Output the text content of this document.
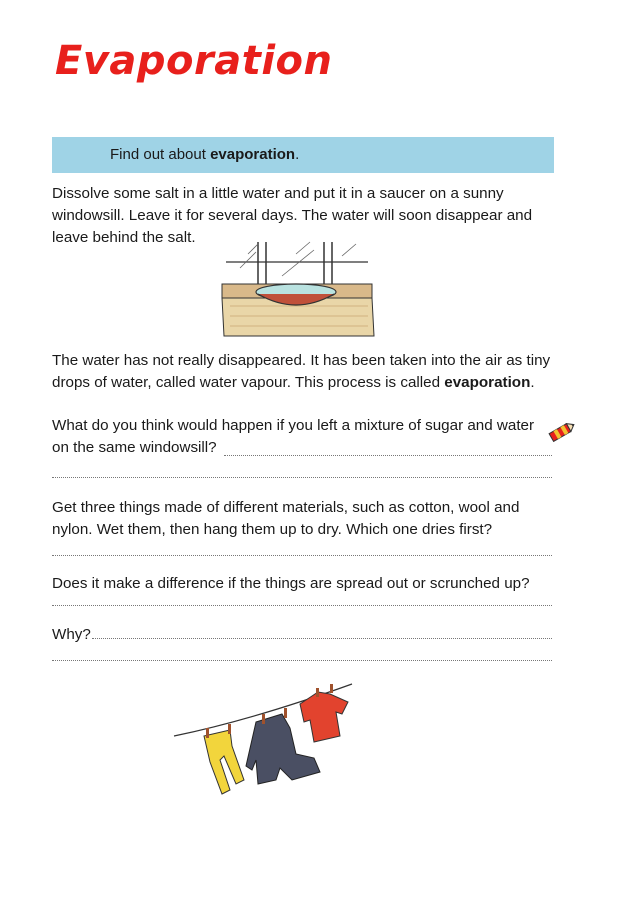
Evaporation
Find out about evaporation.
Dissolve some salt in a little water and put it in a saucer on a sunny
windowsill. Leave it for several days. The water will soon disappear and
leave behind the salt.
The water has not really disappeared. It has been taken into the air as tiny
drops of water, called water vapour. This process is called evaporation.
What do you think would happen if you left a mixture of sugar and water
on the same windowsill?
Get three things made of different materials, such as cotton, wool and
nylon. Wet them, then hang them up to dry. Which one dries first?
Does it make a difference if the things are spread out or scrunched up?
Why?
